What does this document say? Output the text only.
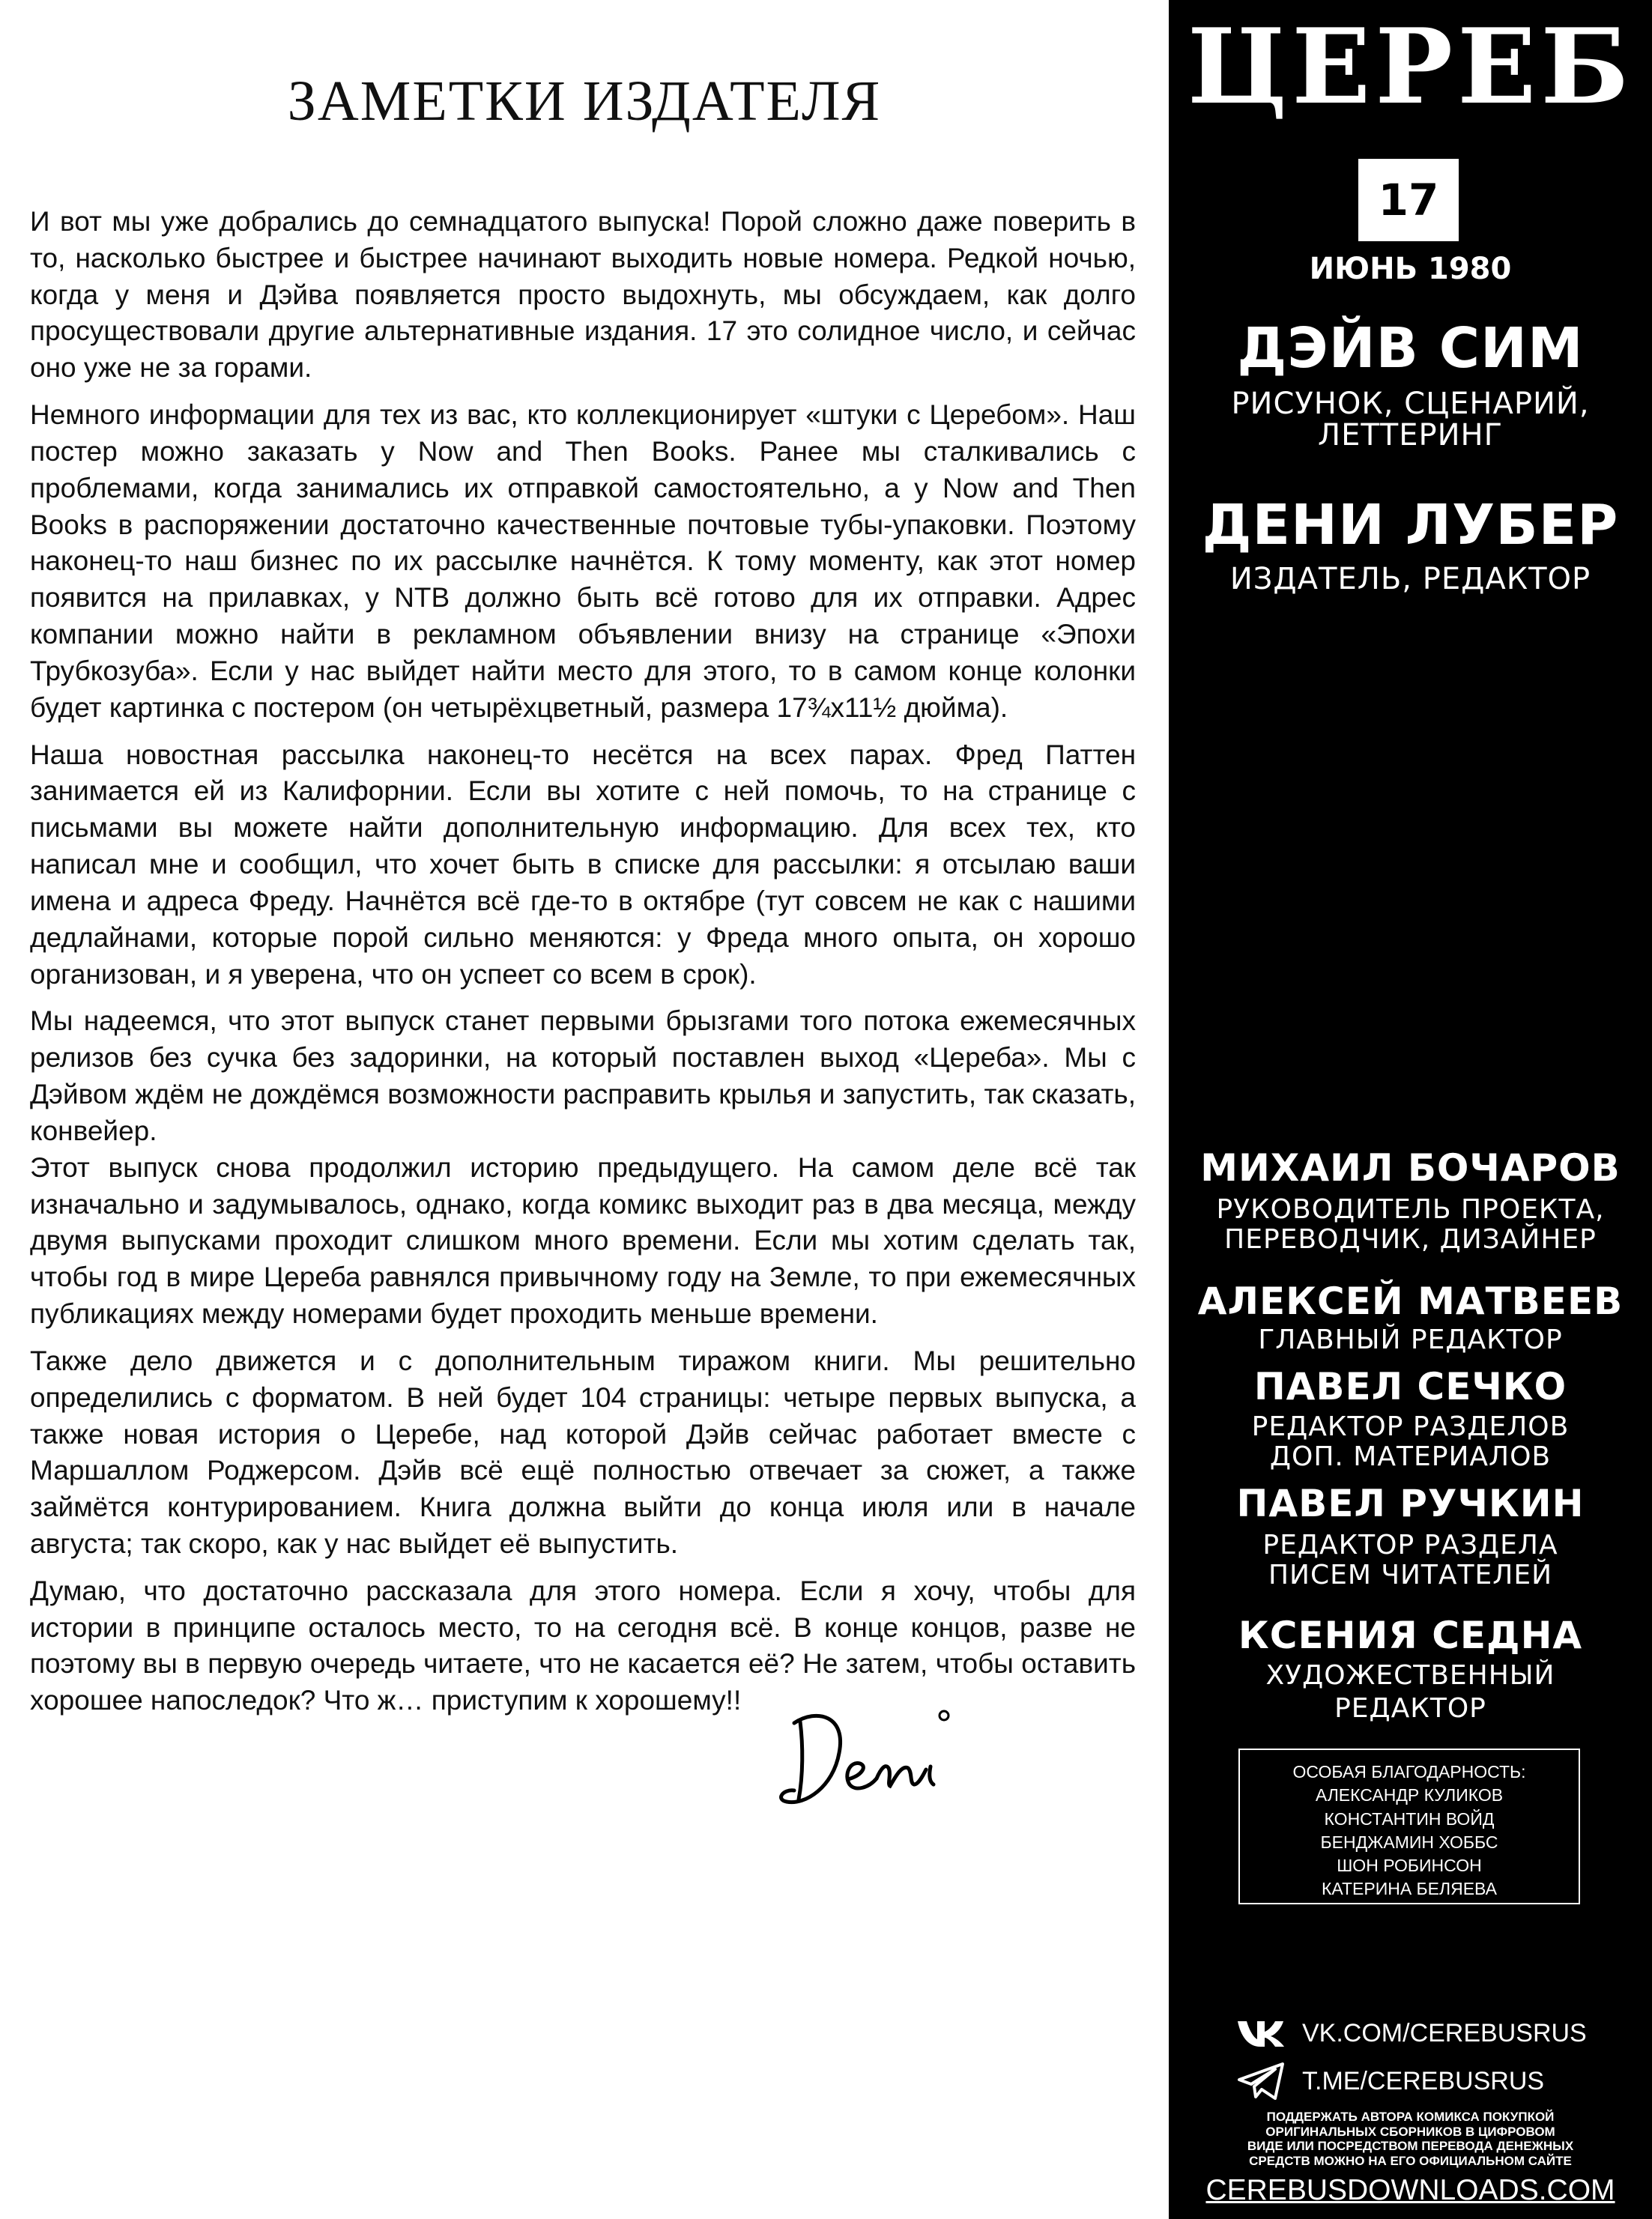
ЗАМЕТКИ ИЗДАТЕЛЯ

И вот мы уже добрались до семнадцатого выпуска! Порой сложно даже поверить в то, насколько быстрее и быстрее начинают выходить новые номера. Редкой ночью, когда у меня и Дэйва появляется просто выдохнуть, мы обсуждаем, как долго просуществовали другие альтернативные издания. 17 это солидное число, и сейчас оно уже не за горами.

Немного информации для тех из вас, кто коллекционирует «штуки с Церебом». Наш постер можно заказать у Now and Then Books. Ранее мы сталкивались с проблемами, когда занимались их отправкой самостоятельно, а у Now and Then Books в распоряжении достаточно качественные почтовые тубы-упаковки. Поэтому наконец-то наш бизнес по их рассылке начнётся. К тому моменту, как этот номер появится на прилавках, у NTB должно быть всё готово для их отправки. Адрес компании можно найти в рекламном объявлении внизу на странице «Эпохи Трубкозуба». Если у нас выйдет найти место для этого, то в самом конце колонки будет картинка с постером (он четырёхцветный, размера 17¾x11½ дюйма).

Наша новостная рассылка наконец-то несётся на всех парах. Фред Паттен занимается ей из Калифорнии. Если вы хотите с ней помочь, то на странице с письмами вы можете найти дополнительную информацию. Для всех тех, кто написал мне и сообщил, что хочет быть в списке для рассылки: я отсылаю ваши имена и адреса Фреду. Начнётся всё где-то в октябре (тут совсем не как с нашими дедлайнами, которые порой сильно меняются: у Фреда много опыта, он хорошо организован, и я уверена, что он успеет со всем в срок).

Мы надеемся, что этот выпуск станет первыми брызгами того потока ежемесячных релизов без сучка без задоринки, на который поставлен выход «Цереба». Мы с Дэйвом ждём не дождёмся возможности расправить крылья и запустить, так сказать, конвейер.

Этот выпуск снова продолжил историю предыдущего. На самом деле всё так изначально и задумывалось, однако, когда комикс выходит раз в два месяца, между двумя выпусками проходит слишком много времени. Если мы хотим сделать так, чтобы год в мире Цереба равнялся привычному году на Земле, то при ежемесячных публикациях между номерами будет проходить меньше времени.

Также дело движется и с дополнительным тиражом книги. Мы решительно определились с форматом. В ней будет 104 страницы: четыре первых выпуска, а также новая история о Церебе, над которой Дэйв сейчас работает вместе с Маршаллом Роджерсом. Дэйв всё ещё полностью отвечает за сюжет, а также займётся контурированием. Книга должна выйти до конца июля или в начале августа; так скоро, как у нас выйдет её выпустить.

Думаю, что достаточно рассказала для этого номера. Если я хочу, чтобы для истории в принципе осталось место, то на сегодня всё. В конце концов, разве не поэтому вы в первую очередь читаете, что не касается её? Не затем, чтобы оставить хорошее напоследок? Что ж… приступим к хорошему!!

ЦЕРЕБ
17
ИЮНЬ 1980
ДЭЙВ СИМ
РИСУНОК, СЦЕНАРИЙ,
ЛЕТТЕРИНГ
ДЕНИ ЛУБЕР
ИЗДАТЕЛЬ, РЕДАКТОР
МИХАИЛ БОЧАРОВ
РУКОВОДИТЕЛЬ ПРОЕКТА,
ПЕРЕВОДЧИК, ДИЗАЙНЕР
АЛЕКСЕЙ МАТВЕЕВ
ГЛАВНЫЙ РЕДАКТОР
ПАВЕЛ СЕЧКО
РЕДАКТОР РАЗДЕЛОВ
ДОП. МАТЕРИАЛОВ
ПАВЕЛ РУЧКИН
РЕДАКТОР РАЗДЕЛА
ПИСЕМ ЧИТАТЕЛЕЙ
КСЕНИЯ СЕДНА
ХУДОЖЕСТВЕННЫЙ
РЕДАКТОР
ОСОБАЯ БЛАГОДАРНОСТЬ:
АЛЕКСАНДР КУЛИКОВ
КОНСТАНТИН ВОЙД
БЕНДЖАМИН ХОББС
ШОН РОБИНСОН
КАТЕРИНА БЕЛЯЕВА
VK.COM/CEREBUSRUS
T.ME/CEREBUSRUS
ПОДДЕРЖАТЬ АВТОРА КОМИКСА ПОКУПКОЙ
ОРИГИНАЛЬНЫХ СБОРНИКОВ В ЦИФРОВОМ
ВИДЕ ИЛИ ПОСРЕДСТВОМ ПЕРЕВОДА ДЕНЕЖНЫХ
СРЕДСТВ МОЖНО НА ЕГО ОФИЦИАЛЬНОМ САЙТЕ
CEREBUSDOWNLOADS.COM
